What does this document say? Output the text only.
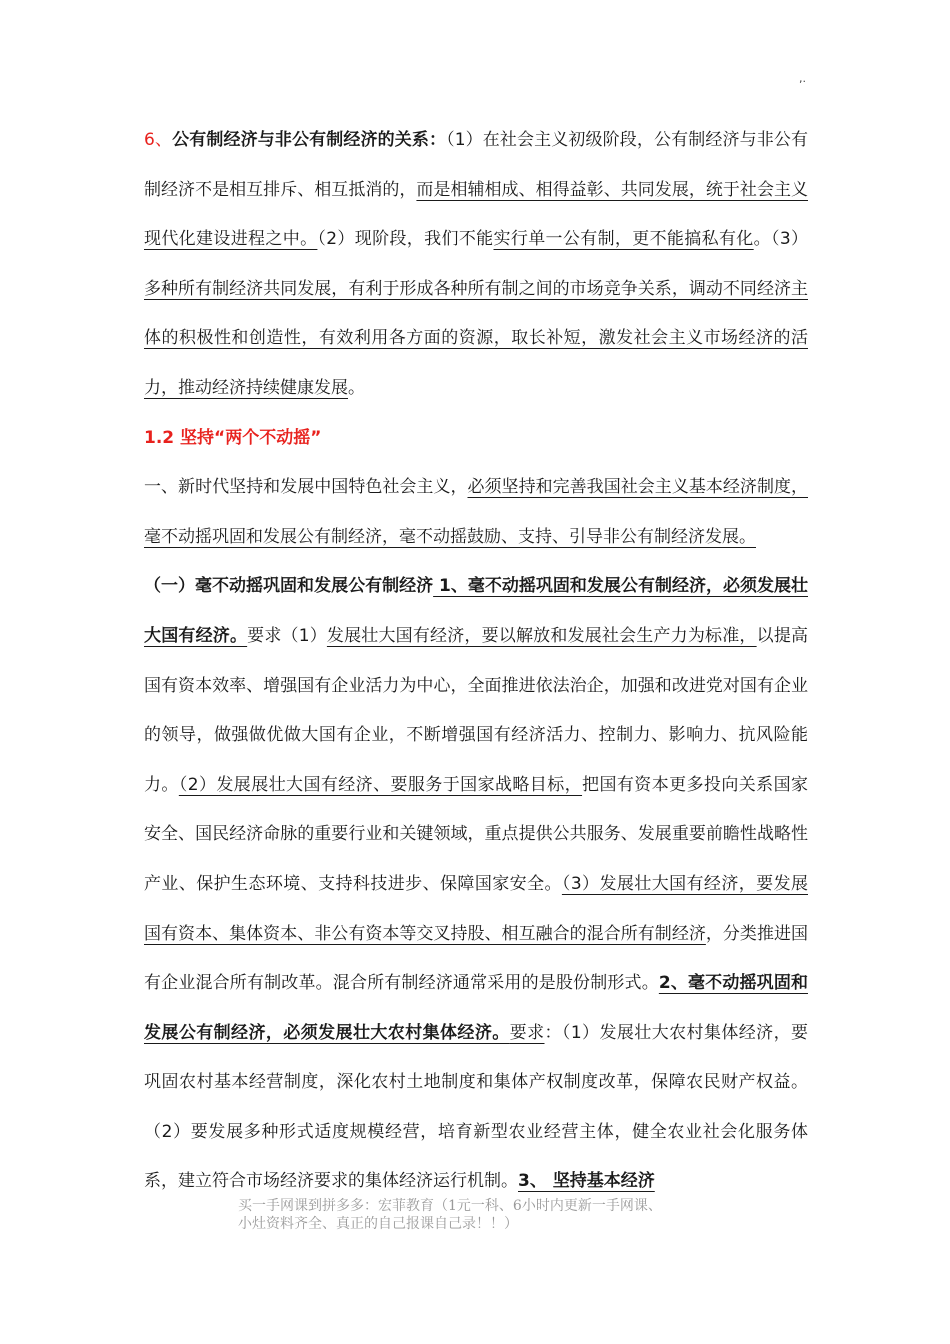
,.

6、公有制经济与非公有制经济的关系：（1）在社会主义初级阶段，公有制经济与非公有制经济不是相互排斥、相互抵消的，而是相辅相成、相得益彰、共同发展，统于社会主义现代化建设进程之中。（2）现阶段，我们不能实行单一公有制，更不能搞私有化。（3）多种所有制经济共同发展，有利于形成各种所有制之间的市场竞争关系，调动不同经济主体的积极性和创造性，有效利用各方面的资源，取长补短，激发社会主义市场经济的活力，推动经济持续健康发展。

1.2 坚持“两个不动摇”

一、新时代坚持和发展中国特色社会主义，必须坚持和完善我国社会主义基本经济制度，毫不动摇巩固和发展公有制经济，毫不动摇鼓励、支持、引导非公有制经济发展。

（一）毫不动摇巩固和发展公有制经济 1、毫不动摇巩固和发展公有制经济，必须发展壮大国有经济。要求（1）发展壮大国有经济，要以解放和发展社会生产力为标准，以提高国有资本效率、增强国有企业活力为中心，全面推进依法治企，加强和改进党对国有企业的领导，做强做优做大国有企业，不断增强国有经济活力、控制力、影响力、抗风险能力。（2）发展展壮大国有经济、要服务于国家战略目标，把国有资本更多投向关系国家安全、国民经济命脉的重要行业和关键领域，重点提供公共服务、发展重要前瞻性战略性产业、保护生态环境、支持科技进步、保障国家安全。（3）发展壮大国有经济，要发展国有资本、集体资本、非公有资本等交叉持股、相互融合的混合所有制经济，分类推进国有企业混合所有制改革。混合所有制经济通常采用的是股份制形式。2、毫不动摇巩固和发展公有制经济，必须发展壮大农村集体经济。要求：（1）发展壮大农村集体经济，要巩固农村基本经营制度，深化农村土地制度和集体产权制度改革，保障农民财产权益。（2）要发展多种形式适度规模经营，培育新型农业经营主体，健全农业社会化服务体系，建立符合市场经济要求的集体经济运行机制。3、 坚持基本经济

买一手网课到拼多多：宏菲教育（1元一科、6小时内更新一手网课、
小灶资料齐全、真正的自己报课自己录！！）
